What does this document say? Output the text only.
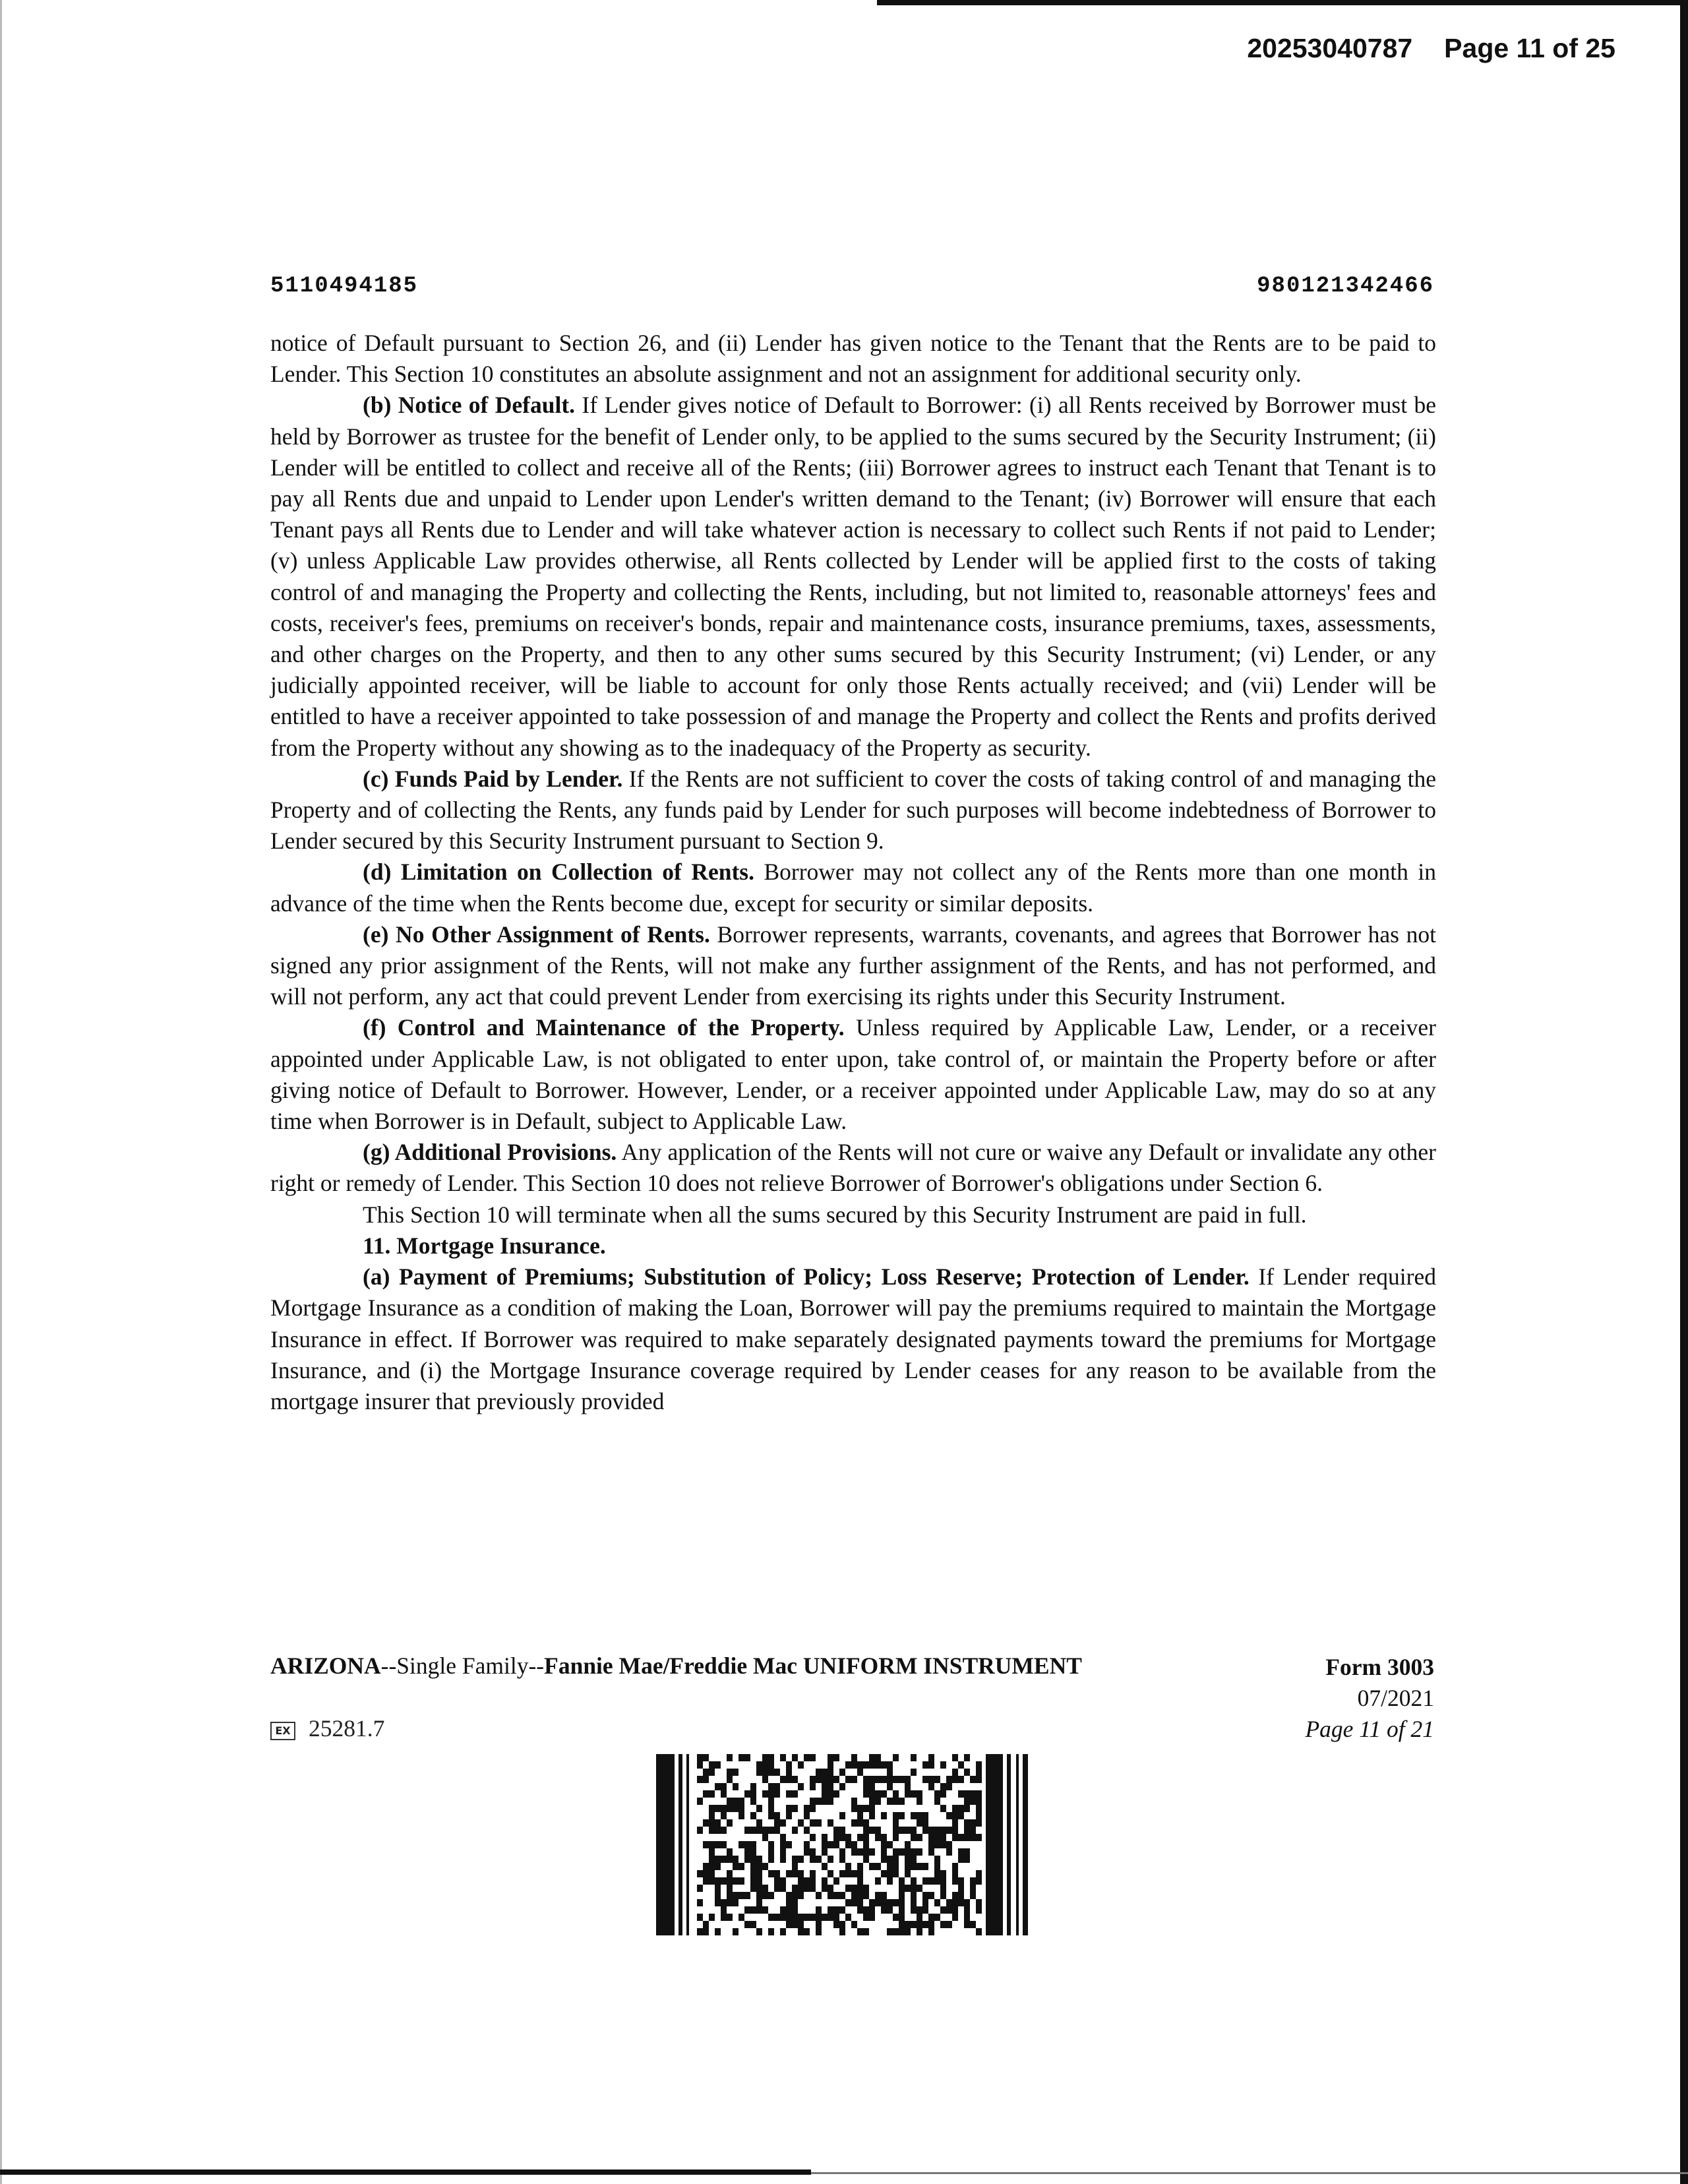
20253040787 Page 11 of 25
5110494185	980121342466

notice of Default pursuant to Section 26, and (ii) Lender has given notice to the Tenant that the Rents are to be paid to Lender. This Section 10 constitutes an absolute assignment and not an assignment for additional security only.

(b) Notice of Default. If Lender gives notice of Default to Borrower: (i) all Rents received by Borrower must be held by Borrower as trustee for the benefit of Lender only, to be applied to the sums secured by the Security Instrument; (ii) Lender will be entitled to collect and receive all of the Rents; (iii) Borrower agrees to instruct each Tenant that Tenant is to pay all Rents due and unpaid to Lender upon Lender's written demand to the Tenant; (iv) Borrower will ensure that each Tenant pays all Rents due to Lender and will take whatever action is necessary to collect such Rents if not paid to Lender; (v) unless Applicable Law provides otherwise, all Rents collected by Lender will be applied first to the costs of taking control of and managing the Property and collecting the Rents, including, but not limited to, reasonable attorneys' fees and costs, receiver's fees, premiums on receiver's bonds, repair and maintenance costs, insurance premiums, taxes, assessments, and other charges on the Property, and then to any other sums secured by this Security Instrument; (vi) Lender, or any judicially appointed receiver, will be liable to account for only those Rents actually received; and (vii) Lender will be entitled to have a receiver appointed to take possession of and manage the Property and collect the Rents and profits derived from the Property without any showing as to the inadequacy of the Property as security.

(c) Funds Paid by Lender. If the Rents are not sufficient to cover the costs of taking control of and managing the Property and of collecting the Rents, any funds paid by Lender for such purposes will become indebtedness of Borrower to Lender secured by this Security Instrument pursuant to Section 9.

(d) Limitation on Collection of Rents. Borrower may not collect any of the Rents more than one month in advance of the time when the Rents become due, except for security or similar deposits.

(e) No Other Assignment of Rents. Borrower represents, warrants, covenants, and agrees that Borrower has not signed any prior assignment of the Rents, will not make any further assignment of the Rents, and has not performed, and will not perform, any act that could prevent Lender from exercising its rights under this Security Instrument.

(f) Control and Maintenance of the Property. Unless required by Applicable Law, Lender, or a receiver appointed under Applicable Law, is not obligated to enter upon, take control of, or maintain the Property before or after giving notice of Default to Borrower. However, Lender, or a receiver appointed under Applicable Law, may do so at any time when Borrower is in Default, subject to Applicable Law.

(g) Additional Provisions. Any application of the Rents will not cure or waive any Default or invalidate any other right or remedy of Lender. This Section 10 does not relieve Borrower of Borrower's obligations under Section 6.

This Section 10 will terminate when all the sums secured by this Security Instrument are paid in full.

11. Mortgage Insurance.

(a) Payment of Premiums; Substitution of Policy; Loss Reserve; Protection of Lender. If Lender required Mortgage Insurance as a condition of making the Loan, Borrower will pay the premiums required to maintain the Mortgage Insurance in effect. If Borrower was required to make separately designated payments toward the premiums for Mortgage Insurance, and (i) the Mortgage Insurance coverage required by Lender ceases for any reason to be available from the mortgage insurer that previously provided

ARIZONA--Single Family--Fannie Mae/Freddie Mac UNIFORM INSTRUMENT	Form 3003
07/2021
Page 11 of 21
EX 25281.7
